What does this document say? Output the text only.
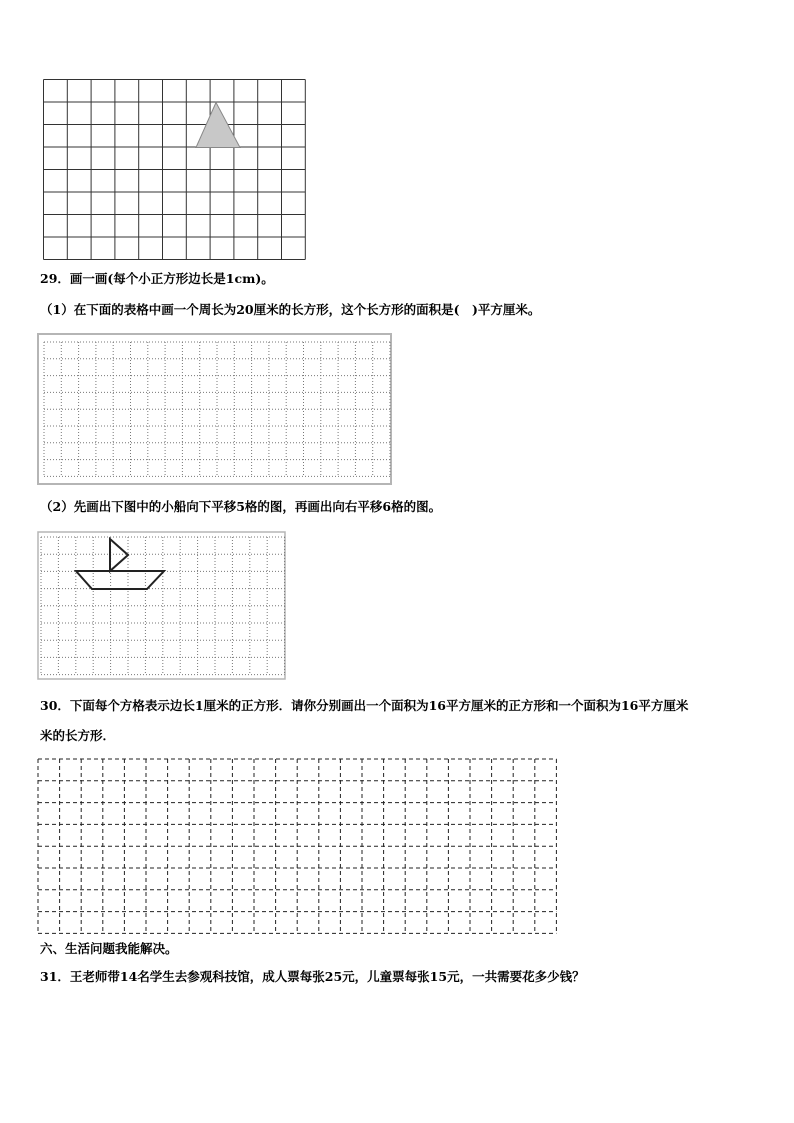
29．画一画(每个小正方形边长是1cm)。
（1）在下面的表格中画一个周长为20厘米的长方形，这个长方形的面积是(　)平方厘米。
（2）先画出下图中的小船向下平移5格的图，再画出向右平移6格的图。
30．下面每个方格表示边长1厘米的正方形．请你分别画出一个面积为16平方厘米的正方形和一个面积为16平方厘米
米的长方形．
六、生活问题我能解决。
31．王老师带14名学生去参观科技馆，成人票每张25元，儿童票每张15元，一共需要花多少钱？
